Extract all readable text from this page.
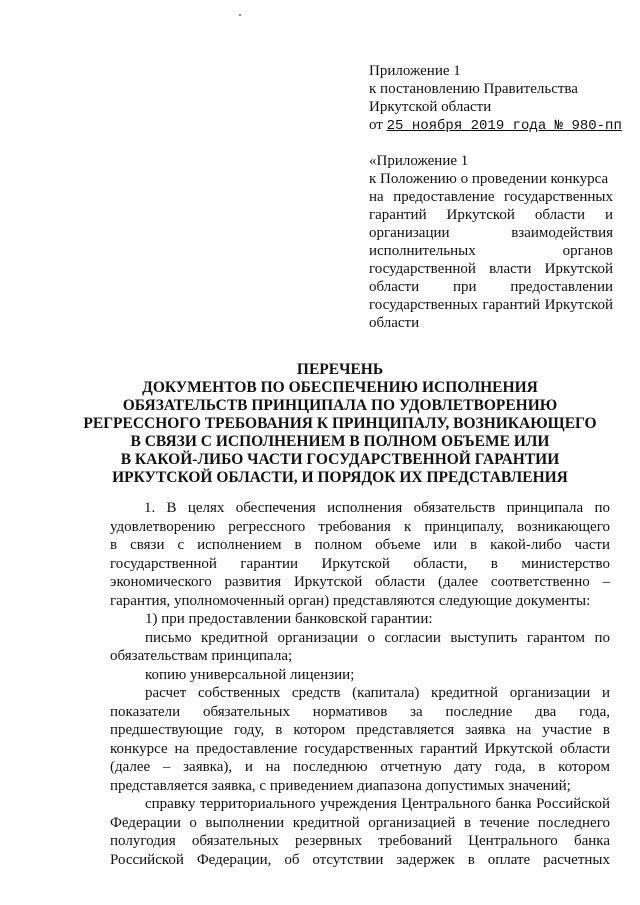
Приложение 1
к постановлению Правительства
Иркутской области
от 25 ноября 2019 года № 980-пп
«Приложение 1
к Положению о проведении конкурса
на предоставление государственных
гарантий Иркутской области и
организации взаимодействия
исполнительных органов
государственной власти Иркутской
области при предоставлении
государственных гарантий Иркутской
области
ПЕРЕЧЕНЬ
ДОКУМЕНТОВ ПО ОБЕСПЕЧЕНИЮ ИСПОЛНЕНИЯ
ОБЯЗАТЕЛЬСТВ ПРИНЦИПАЛА ПО УДОВЛЕТВОРЕНИЮ
РЕГРЕССНОГО ТРЕБОВАНИЯ К ПРИНЦИПАЛУ, ВОЗНИКАЮЩЕГО
В СВЯЗИ С ИСПОЛНЕНИЕМ В ПОЛНОМ ОБЪЕМЕ ИЛИ
В КАКОЙ-ЛИБО ЧАСТИ ГОСУДАРСТВЕННОЙ ГАРАНТИИ
ИРКУТСКОЙ ОБЛАСТИ, И ПОРЯДОК ИХ ПРЕДСТАВЛЕНИЯ
1. В целях обеспечения исполнения обязательств принципала по
удовлетворению регрессного требования к принципалу, возникающего
в связи с исполнением в полном объеме или в какой-либо части
государственной гарантии Иркутской области, в министерство
экономического развития Иркутской области (далее соответственно –
гарантия, уполномоченный орган) представляются следующие документы:
1) при предоставлении банковской гарантии:
письмо кредитной организации о согласии выступить гарантом по
обязательствам принципала;
копию универсальной лицензии;
расчет собственных средств (капитала) кредитной организации и
показатели обязательных нормативов за последние два года,
предшествующие году, в котором представляется заявка на участие в
конкурсе на предоставление государственных гарантий Иркутской области
(далее – заявка), и на последнюю отчетную дату года, в котором
представляется заявка, с приведением диапазона допустимых значений;
справку территориального учреждения Центрального банка Российской
Федерации о выполнении кредитной организацией в течение последнего
полугодия обязательных резервных требований Центрального банка
Российской Федерации, об отсутствии задержек в оплате расчетных
